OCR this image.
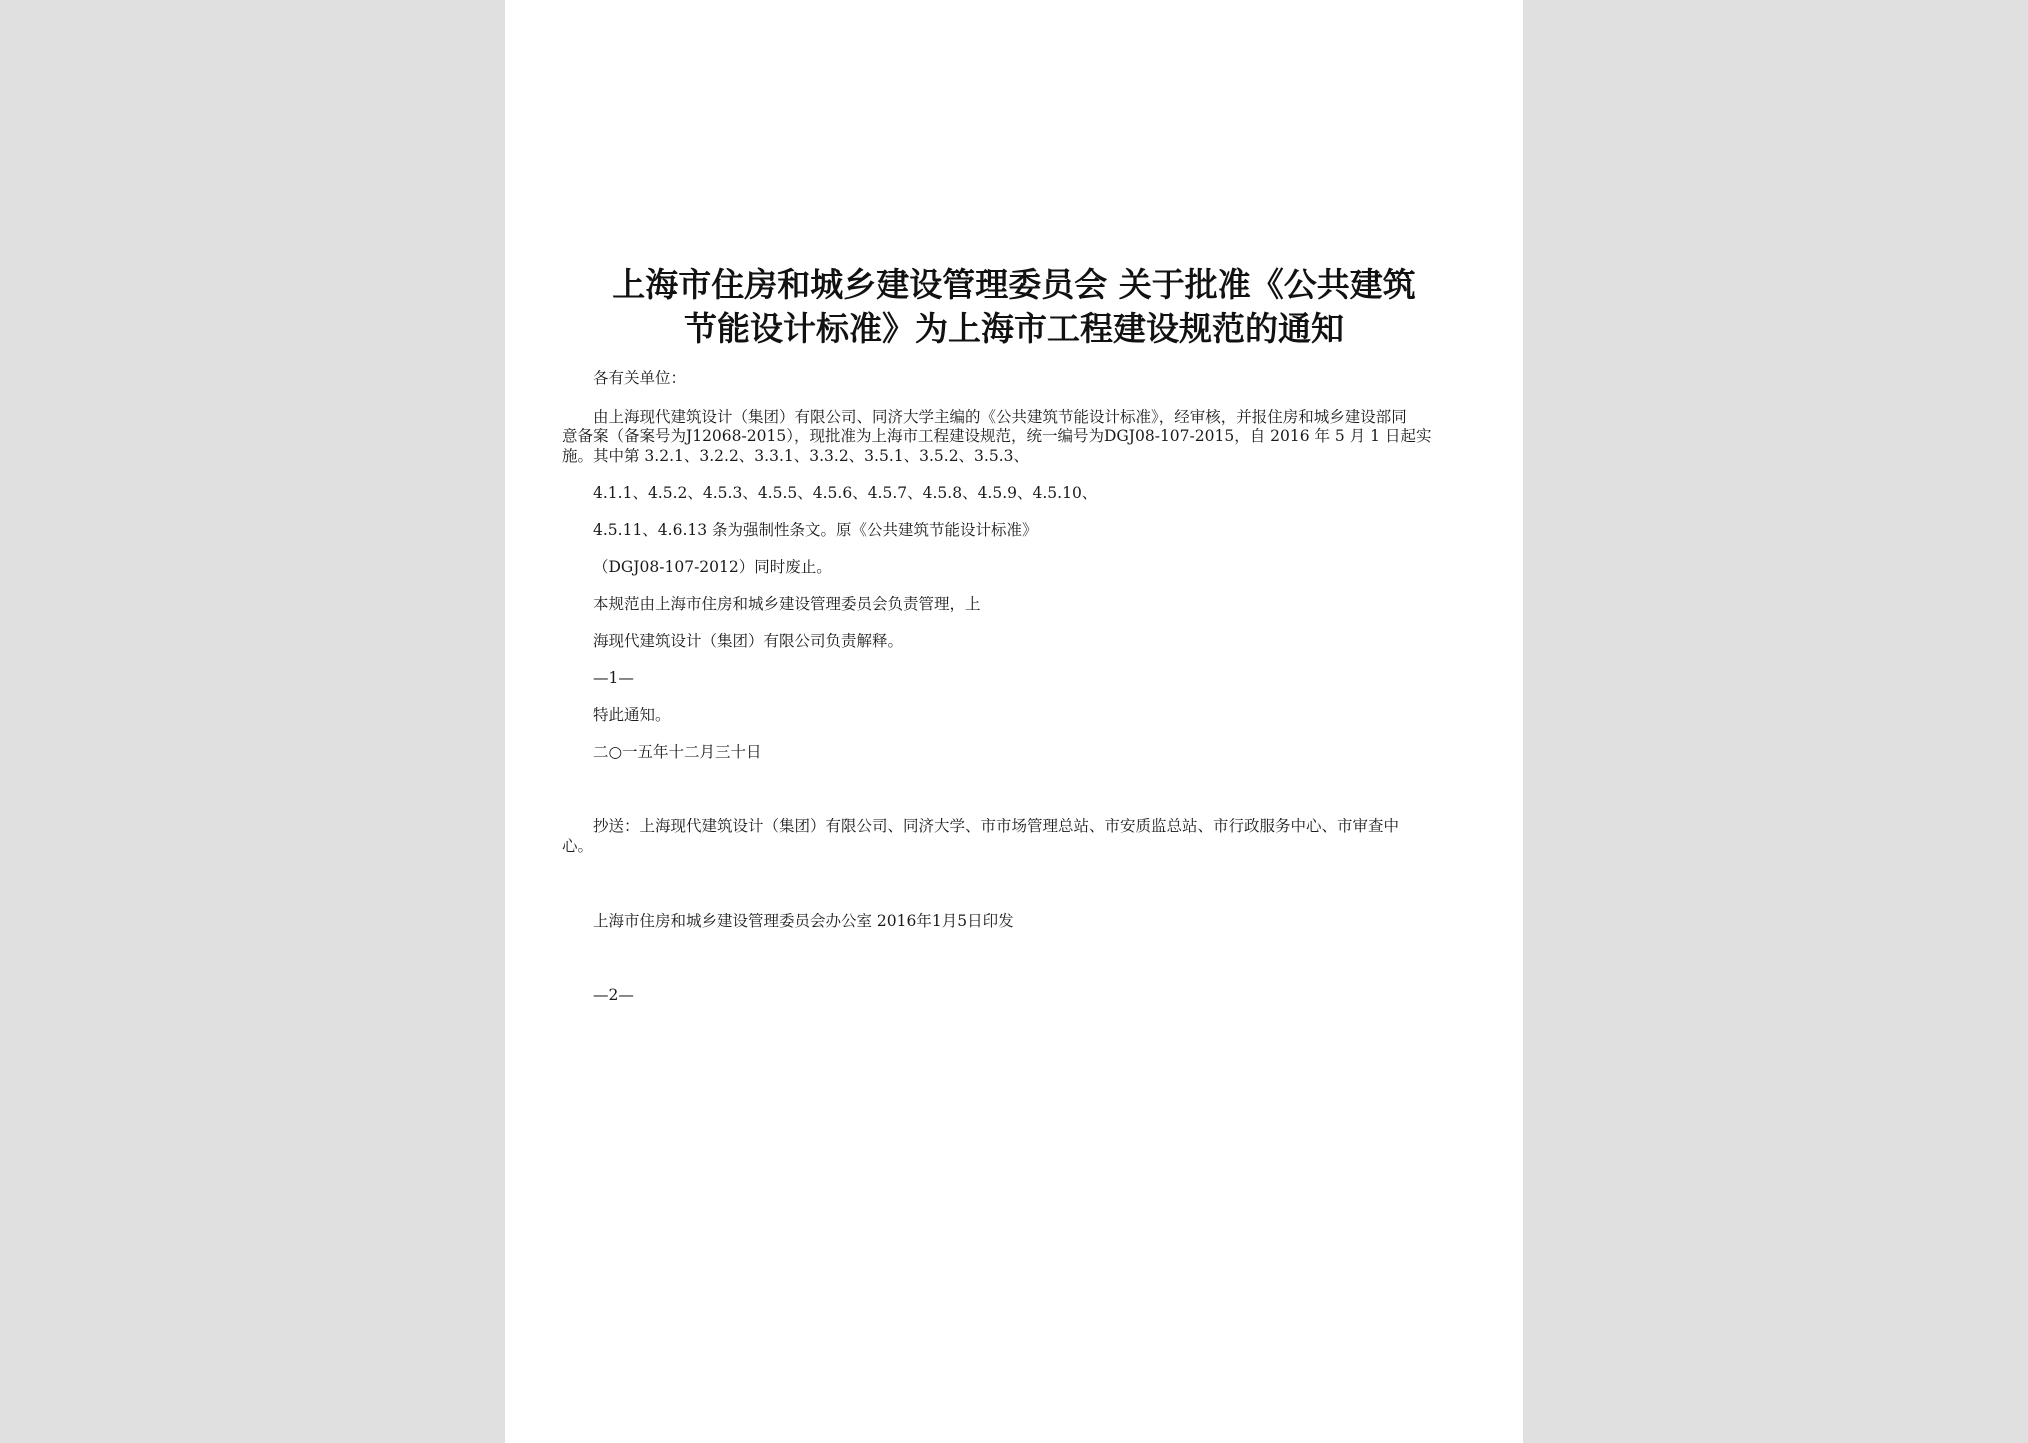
上海市住房和城乡建设管理委员会 关于批准《公共建筑
节能设计标准》为上海市工程建设规范的通知
各有关单位：
由上海现代建筑设计（集团）有限公司、同济大学主编的《公共建筑节能设计标准》，经审核，并报住房和城乡建设部同
意备案（备案号为J12068-2015），现批准为上海市工程建设规范，统一编号为DGJ08-107-2015，自 2016 年 5 月 1 日起实
施。其中第 3.2.1、3.2.2、3.3.1、3.3.2、3.5.1、3.5.2、3.5.3、
4.1.1、4.5.2、4.5.3、4.5.5、4.5.6、4.5.7、4.5.8、4.5.9、4.5.10、
4.5.11、4.6.13 条为强制性条文。原《公共建筑节能设计标准》
（DGJ08-107-2012）同时废止。
本规范由上海市住房和城乡建设管理委员会负责管理，上
海现代建筑设计（集团）有限公司负责解释。
—1—
特此通知。
二○一五年十二月三十日
抄送：上海现代建筑设计（集团）有限公司、同济大学、市市场管理总站、市安质监总站、市行政服务中心、市审查中
心。
上海市住房和城乡建设管理委员会办公室 2016年1月5日印发
—2—
